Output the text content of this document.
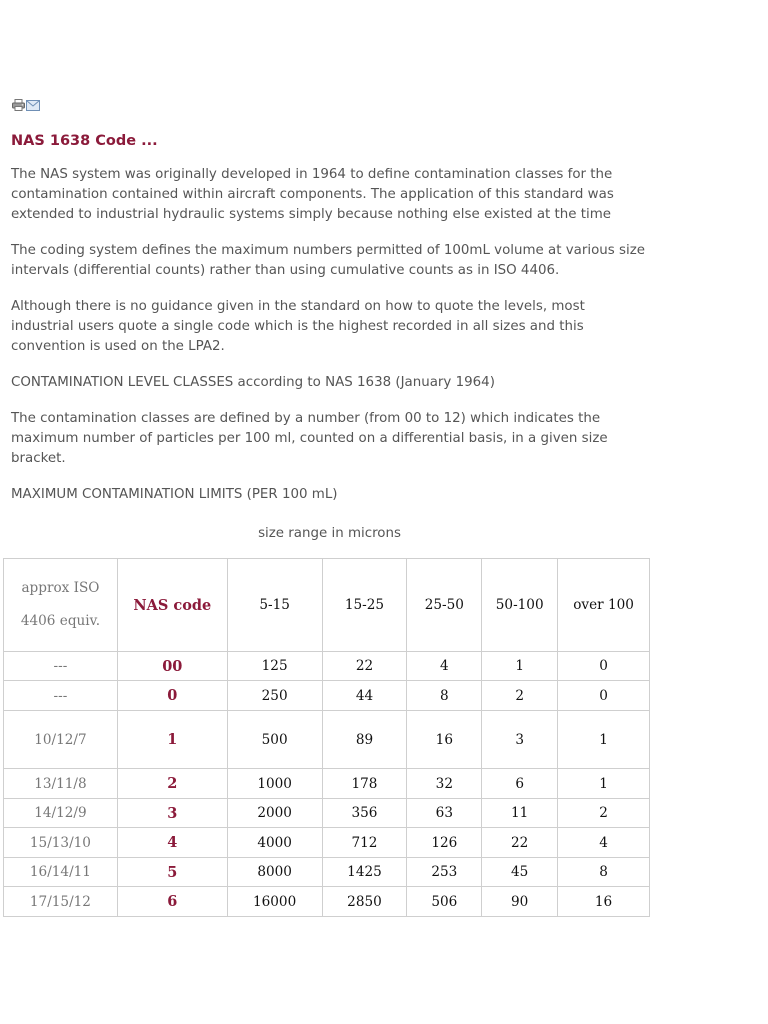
NAS 1638 Code ...

The NAS system was originally developed in 1964 to define contamination classes for the contamination contained within aircraft components. The application of this standard was extended to industrial hydraulic systems simply because nothing else existed at the time

The coding system defines the maximum numbers permitted of 100mL volume at various size intervals (differential counts) rather than using cumulative counts as in ISO 4406.

Although there is no guidance given in the standard on how to quote the levels, most industrial users quote a single code which is the highest recorded in all sizes and this convention is used on the LPA2.

CONTAMINATION LEVEL CLASSES according to NAS 1638 (January 1964)

The contamination classes are defined by a number (from 00 to 12) which indicates the maximum number of particles per 100 ml, counted on a differential basis, in a given size bracket.

MAXIMUM CONTAMINATION LIMITS (PER 100 mL)

size range in microns
approx ISO 4406 equiv.	NAS code	5-15	15-25	25-50	50-100	over 100
---	00	125	22	4	1	0
---	0	250	44	8	2	0
10/12/7	1	500	89	16	3	1
13/11/8	2	1000	178	32	6	1
14/12/9	3	2000	356	63	11	2
15/13/10	4	4000	712	126	22	4
16/14/11	5	8000	1425	253	45	8
17/15/12	6	16000	2850	506	90	16
